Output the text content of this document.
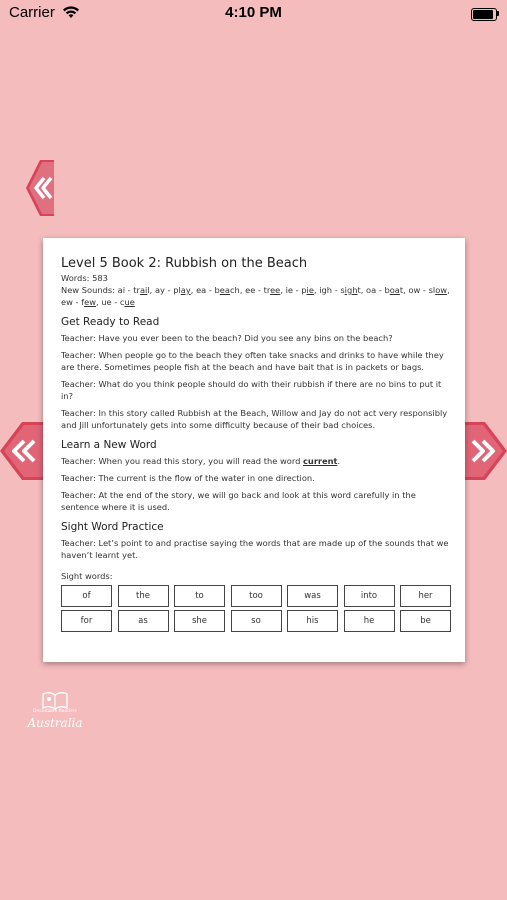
Carrier	4:10 PM

Level 5 Book 2: Rubbish on the Beach

Words: 583

New Sounds: ai - trail, ay - play, ea - beach, ee - tree, ie - pie, igh - sight, oa - boat, ow - slow, ew - few, ue - cue

Get Ready to Read

Teacher: Have you ever been to the beach? Did you see any bins on the beach?

Teacher: When people go to the beach they often take snacks and drinks to have while they are there. Sometimes people fish at the beach and have bait that is in packets or bags.

Teacher: What do you think people should do with their rubbish if there are no bins to put it in?

Teacher: In this story called Rubbish at the Beach, Willow and Jay do not act very responsibly and Jill unfortunately gets into some difficulty because of their bad choices.

Learn a New Word

Teacher: When you read this story, you will read the word current.

Teacher: The current is the flow of the water in one direction.

Teacher: At the end of the story, we will go back and look at this word carefully in the sentence where it is used.

Sight Word Practice

Teacher: Let’s point to and practise saying the words that are made up of the sounds that we haven’t learnt yet.

Sight words:

of	the	to	too	was	into	her
for	as	she	so	his	he	be
Decodable Readers
Australia
